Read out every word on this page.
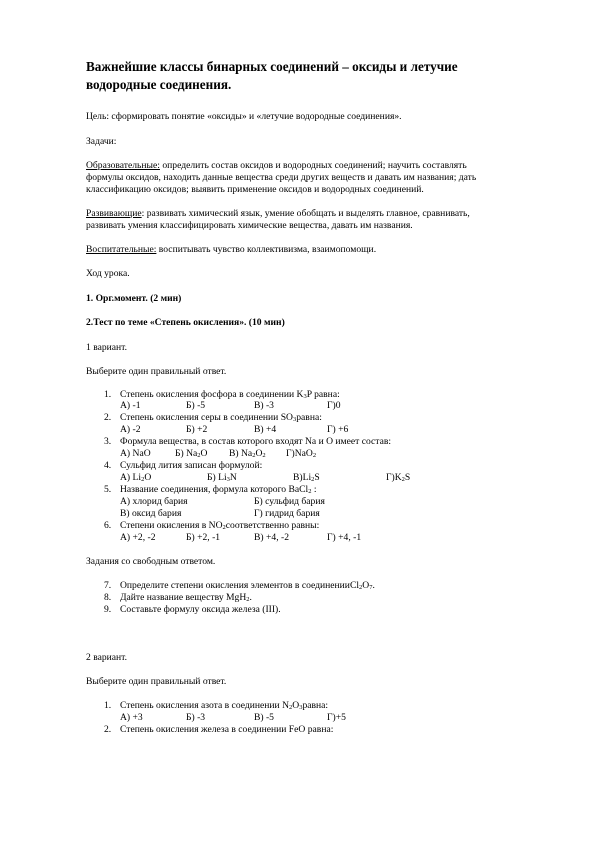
Важнейшие классы бинарных соединений – оксиды и летучие
водородные соединения.
Цель: сформировать понятие «оксиды» и «летучие водородные соединения».
Задачи:
Образовательные: определить состав оксидов и водородных соединений; научить составлять
формулы оксидов, находить данные вещества среди других веществ и давать им названия; дать
классификацию оксидов; выявить применение оксидов и водородных соединений.
Развивающие: развивать химический язык, умение обобщать и выделять главное, сравнивать,
развивать умения классифицировать химические вещества, давать им названия.
Воспитательные: воспитывать чувство коллективизма, взаимопомощи.
Ход урока.
1. Орг.момент. (2 мин)
2.Тест по теме «Степень окисления». (10 мин)
1 вариант.
Выберите один правильный ответ.
1. Степень окисления фосфора в соединении $K_3P$ равна:
А) -1	Б) -5	В) -3	Г)0
2. Степень окисления серы в соединении $SO_3равна$:
А) -2	Б) +2	В) +4	Г) +6
3. Формула вещества, в состав которого входят Na и О имеет состав:
А) NaO	Б) $Na_2O$ В) $Na_2O_2$ Г)NaO$_2$
4. Сульфид лития записан формулой:
А) $Li_2O$	Б) $Li_3N$	$В)Li_2S$	$Г)K_2S$
5. Название соединения, формула которого BaCl$_2$ :
А) хлорид бария	Б) сульфид бария
В) оксид бария	Г) гидрид бария
6. Степени окисления в $NO_2соответственно$ равны:
А) +2, -2	Б) +2, -1	В) +4, -2	Г) +4, -1
Задания со свободным ответом.
7. Определите степени окисления элементов в $соединенииCl_2O_7$.
8. Дайте название веществу MgH$_2$.
9. Составьте формулу оксида железа (III).
2 вариант.
Выберите один правильный ответ.
1. Степень окисления азота в соединении $N_2O_3равна$:
А) +3	Б) -3	В) -5	Г)+5
2. Степень окисления железа в соединении FeO равна:
